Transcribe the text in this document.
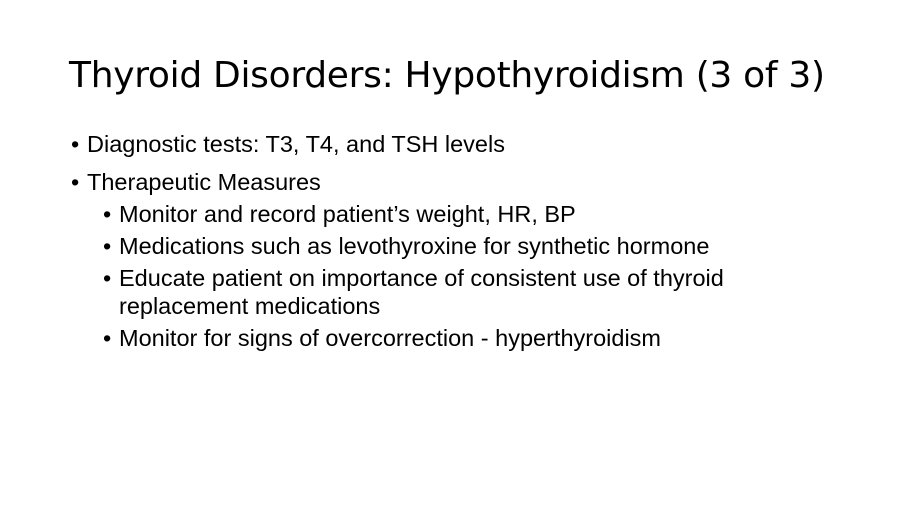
Thyroid Disorders: Hypothyroidism (3 of 3)
• Diagnostic tests: T3, T4, and TSH levels
• Therapeutic Measures
• Monitor and record patient’s weight, HR, BP
• Medications such as levothyroxine for synthetic hormone
• Educate patient on importance of consistent use of thyroid replacement medications
• Monitor for signs of overcorrection - hyperthyroidism
